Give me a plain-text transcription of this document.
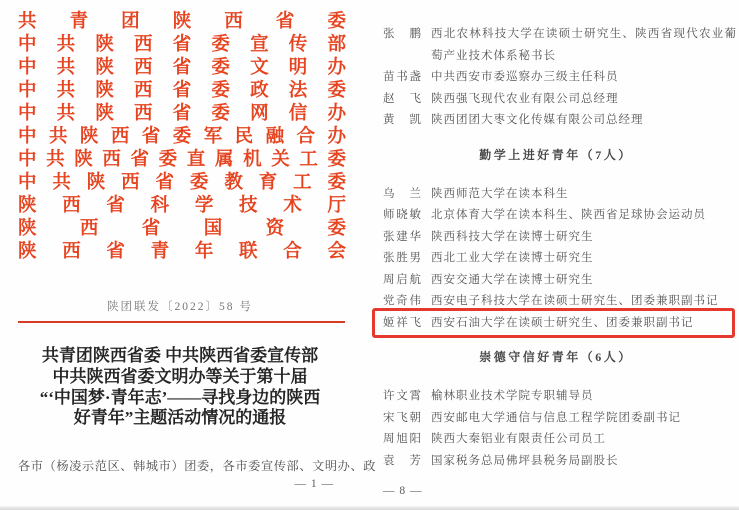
共青团陕西省委
中共陕西省委宣传部
中共陕西省委文明办
中共陕西省委政法委
中共陕西省委网信办
中共陕西省委军民融合办
中共陕西省委直属机关工委
中共陕西省委教育工委
陕西省科学技术厅
陕西省国资委
陕西省青年联合会
陕团联发〔2022〕58 号
共青团陕西省委 中共陕西省委宣传部
中共陕西省委文明办等关于第十届
“‘中国梦·青年志’——寻找身边的陕西
好青年”主题活动情况的通报
各市（杨凌示范区、韩城市）团委，各市委宣传部、文明办、政
— 1 —
张　鹏 西北农林科技大学在读硕士研究生、陕西省现代农业葡萄产业技术体系秘书长
苗书盏 中共西安市委巡察办三级主任科员
赵　飞 陕西强飞现代农业有限公司总经理
黄　凯 陕西团团大枣文化传媒有限公司总经理
勤学上进好青年（7人）
乌　兰 陕西师范大学在读本科生
师晓敏 北京体育大学在读本科生、陕西省足球协会运动员
张建华 陕西科技大学在读博士研究生
张胜男 西北工业大学在读博士研究生
周启航 西安交通大学在读博士研究生
党奇伟 西安电子科技大学在读硕士研究生、团委兼职副书记
姬祥飞 西安石油大学在读硕士研究生、团委兼职副书记
崇德守信好青年（6人）
许文霄 榆林职业技术学院专职辅导员
宋飞朝 西安邮电大学通信与信息工程学院团委副书记
周旭阳 陕西大秦铝业有限责任公司员工
袁　芳 国家税务总局佛坪县税务局副股长
— 8 —
